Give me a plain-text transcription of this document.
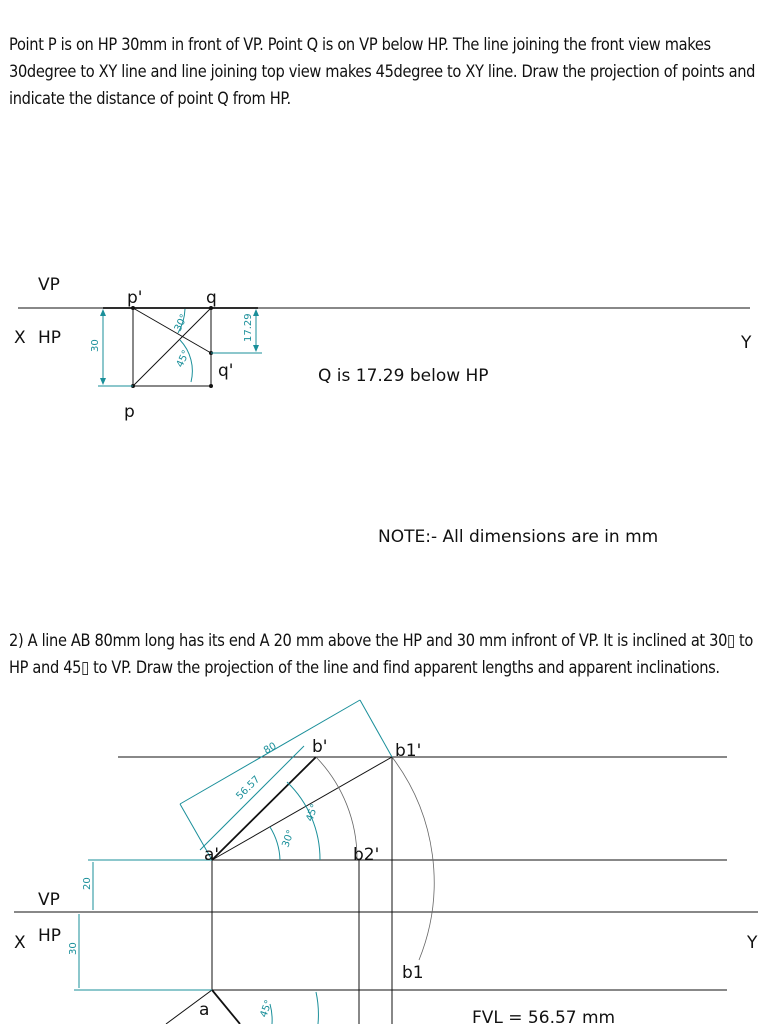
Point P is on HP 30mm in front of VP. Point Q is on VP below HP. The line joining the front view makes 30degree to XY line and line joining top view makes 45degree to XY line. Draw the projection of points and indicate the distance of point Q from HP.
2) A line AB 80mm long has its end A 20 mm above the HP and 30 mm infront of VP. It is inclined at 30▯ to HP and 45▯ to VP. Draw the projection of the line and find apparent lengths and apparent inclinations.
30
17.29
30°
45°
VP
X HP	Y
p'	q
q'
p
Q is 17.29 below HP
NOTE:- All dimensions are in mm
80
56.57
45°
30°
20
30
45°
b'	b1'
a'	b2'
VP
X HP	Y
b1
a	FVL = 56.57 mm
